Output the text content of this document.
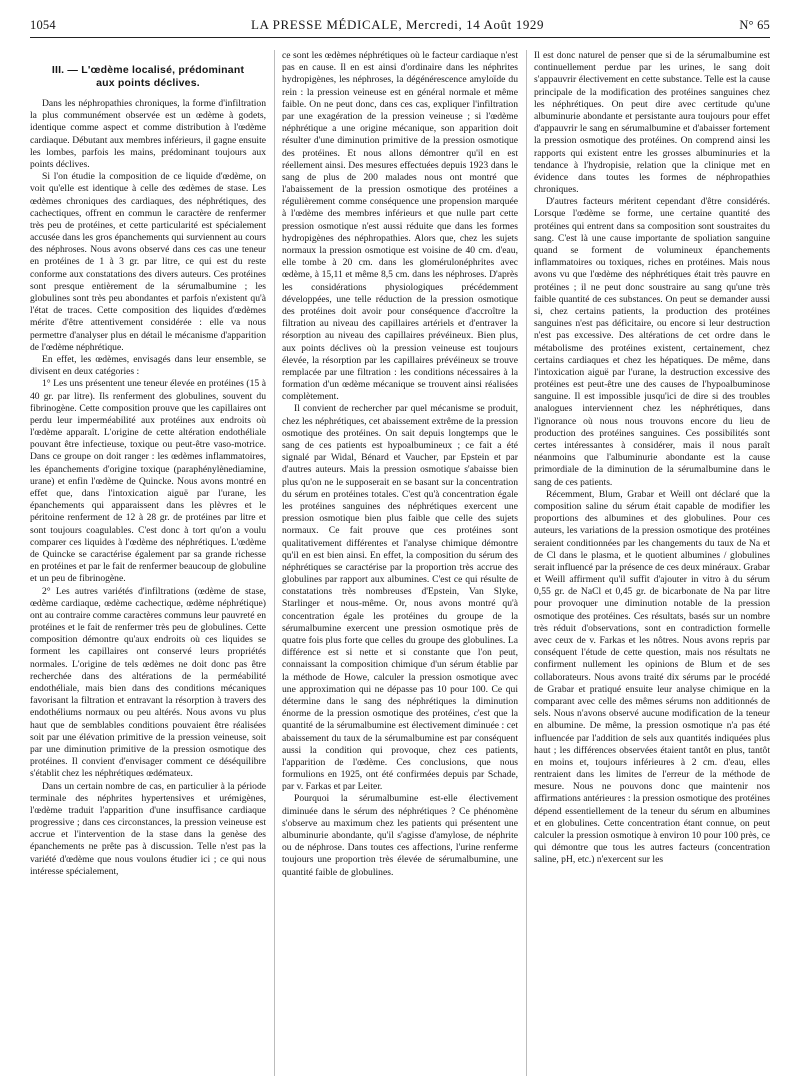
1054	LA PRESSE MÉDICALE, Mercredi, 14 Août 1929	N° 65
III. — L'œdème localisé, prédominant
aux points déclives.

Dans les néphropathies chroniques, la forme d'infiltration la plus communément observée est un œdème à godets, identique comme aspect et comme distribution à l'œdème cardiaque. Débutant aux membres inférieurs, il gagne ensuite les lombes, parfois les mains, prédominant toujours aux points déclives.

Si l'on étudie la composition de ce liquide d'œdème, on voit qu'elle est identique à celle des œdèmes de stase. Les œdèmes chroniques des cardiaques, des néphrétiques, des cachectiques, offrent en commun le caractère de renfermer très peu de protéines, et cette particularité est spécialement accusée dans les gros épanchements qui surviennent au cours des néphroses. Nous avons observé dans ces cas une teneur en protéines de 1 à 3 gr. par litre, ce qui est du reste conforme aux constatations des divers auteurs. Ces protéines sont presque entièrement de la sérumalbumine ; les globulines sont très peu abondantes et parfois n'existent qu'à l'état de traces. Cette composition des liquides d'œdèmes mérite d'être attentivement considérée : elle va nous permettre d'analyser plus en détail le mécanisme d'apparition de l'œdème néphrétique.

En effet, les œdèmes, envisagés dans leur ensemble, se divisent en deux catégories :

1° Les uns présentent une teneur élevée en protéines (15 à 40 gr. par litre). Ils renferment des globulines, souvent du fibrinogène. Cette composition prouve que les capillaires ont perdu leur imperméabilité aux protéines aux endroits où l'œdème apparaît. L'origine de cette altération endothéliale pouvant être infectieuse, toxique ou peut-être vaso-motrice. Dans ce groupe on doit ranger : les œdèmes inflammatoires, les épanchements d'origine toxique (paraphénylènediamine, urane) et enfin l'œdème de Quincke. Nous avons montré en effet que, dans l'intoxication aiguë par l'urane, les épanchements qui apparaissent dans les plèvres et le péritoine renferment de 12 à 28 gr. de protéines par litre et sont toujours coagulables. C'est donc à tort qu'on a voulu comparer ces liquides à l'œdème des néphrétiques. L'œdème de Quincke se caractérise également par sa grande richesse en protéines et par le fait de renfermer beaucoup de globuline et un peu de fibrinogène.

2° Les autres variétés d'infiltrations (œdème de stase, œdème cardiaque, œdème cachectique, œdème néphrétique) ont au contraire comme caractères communs leur pauvreté en protéines et le fait de renfermer très peu de globulines. Cette composition démontre qu'aux endroits où ces liquides se forment les capillaires ont conservé leurs propriétés normales. L'origine de tels œdèmes ne doit donc pas être recherchée dans des altérations de la perméabilité endothéliale, mais bien dans des conditions mécaniques favorisant la filtration et entravant la résorption à travers des endothéliums normaux ou peu altérés. Nous avons vu plus haut que de semblables conditions pouvaient être réalisées soit par une élévation primitive de la pression veineuse, soit par une diminution primitive de la pression osmotique des protéines. Il convient d'envisager comment ce déséquilibre s'établit chez les néphrétiques œdémateux.

Dans un certain nombre de cas, en particulier à la période terminale des néphrites hypertensives et urémigènes, l'œdème traduit l'apparition d'une insuffisance cardiaque progressive ; dans ces circonstances, la pression veineuse est accrue et l'intervention de la stase dans la genèse des épanchements ne prête pas à discussion. Telle n'est pas la variété d'œdème que nous voulons étudier ici ; ce qui nous intéresse spécialement,

ce sont les œdèmes néphrétiques où le facteur cardiaque n'est pas en cause. Il en est ainsi d'ordinaire dans les néphrites hydropigènes, les néphroses, la dégénérescence amyloïde du rein : la pression veineuse est en général normale et même faible. On ne peut donc, dans ces cas, expliquer l'infiltration par une exagération de la pression veineuse ; si l'œdème néphrétique a une origine mécanique, son apparition doit résulter d'une diminution primitive de la pression osmotique des protéines. Et nous allons démontrer qu'il en est réellement ainsi. Des mesures effectuées depuis 1923 dans le sang de plus de 200 malades nous ont montré que l'abaissement de la pression osmotique des protéines a régulièrement comme conséquence une propension marquée à l'œdème des membres inférieurs et que nulle part cette pression osmotique n'est aussi réduite que dans les formes hydropigènes des néphropathies. Alors que, chez les sujets normaux la pression osmotique est voisine de 40 cm. d'eau, elle tombe à 20 cm. dans les glomérulonéphrites avec œdème, à 15,11 et même 8,5 cm. dans les néphroses. D'après les considérations physiologiques précédemment développées, une telle réduction de la pression osmotique des protéines doit avoir pour conséquence d'accroître la filtration au niveau des capillaires artériels et d'entraver la résorption au niveau des capillaires prévéineux. Bien plus, aux points déclives où la pression veineuse est toujours élevée, la résorption par les capillaires prévéineux se trouve remplacée par une filtration : les conditions nécessaires à la formation d'un œdème mécanique se trouvent ainsi réalisées complètement.

Il convient de rechercher par quel mécanisme se produit, chez les néphrétiques, cet abaissement extrême de la pression osmotique des protéines. On sait depuis longtemps que le sang de ces patients est hypoalbumineux ; ce fait a été signalé par Widal, Bénard et Vaucher, par Epstein et par d'autres auteurs. Mais la pression osmotique s'abaisse bien plus qu'on ne le supposerait en se basant sur la concentration du sérum en protéines totales. C'est qu'à concentration égale les protéines sanguines des néphrétiques exercent une pression osmotique bien plus faible que celle des sujets normaux. Ce fait prouve que ces protéines sont qualitativement différentes et l'analyse chimique démontre qu'il en est bien ainsi. En effet, la composition du sérum des néphrétiques se caractérise par la proportion très accrue des globulines par rapport aux albumines. C'est ce qui résulte de constatations très nombreuses d'Epstein, Van Slyke, Starlinger et nous-même. Or, nous avons montré qu'à concentration égale les protéines du groupe de la sérumalbumine exercent une pression osmotique près de quatre fois plus forte que celles du groupe des globulines. La différence est si nette et si constante que l'on peut, connaissant la composition chimique d'un sérum établie par la méthode de Howe, calculer la pression osmotique avec une approximation qui ne dépasse pas 10 pour 100. Ce qui détermine dans le sang des néphrétiques la diminution énorme de la pression osmotique des protéines, c'est que la quantité de la sérumalbumine est électivement diminuée : cet abaissement du taux de la sérumalbumine est par conséquent aussi la condition qui provoque, chez ces patients, l'apparition de l'œdème. Ces conclusions, que nous formulions en 1925, ont été confirmées depuis par Schade, par v. Farkas et par Leiter.

Pourquoi la sérumalbumine est-elle électivement diminuée dans le sérum des néphrétiques ? Ce phénomène s'observe au maximum chez les patients qui présentent une albuminurie abondante, qu'il s'agisse d'amylose, de néphrite ou de néphrose. Dans toutes ces affections, l'urine renferme toujours une proportion très élevée de sérumalbumine, une quantité faible de globulines.

Il est donc naturel de penser que si de la sérumalbumine est continuellement perdue par les urines, le sang doit s'appauvrir électivement en cette substance. Telle est la cause principale de la modification des protéines sanguines chez les néphrétiques. On peut dire avec certitude qu'une albuminurie abondante et persistante aura toujours pour effet d'appauvrir le sang en sérumalbumine et d'abaisser fortement la pression osmotique des protéines. On comprend ainsi les rapports qui existent entre les grosses albuminuries et la tendance à l'hydropisie, relation que la clinique met en évidence dans toutes les formes de néphropathies chroniques.

D'autres facteurs méritent cependant d'être considérés. Lorsque l'œdème se forme, une certaine quantité des protéines qui entrent dans sa composition sont soustraites du sang. C'est là une cause importante de spoliation sanguine quand se forment de volumineux épanchements inflammatoires ou toxiques, riches en protéines. Mais nous avons vu que l'œdème des néphrétiques était très pauvre en protéines ; il ne peut donc soustraire au sang qu'une très faible quantité de ces substances. On peut se demander aussi si, chez certains patients, la production des protéines sanguines n'est pas déficitaire, ou encore si leur destruction n'est pas excessive. Des altérations de cet ordre dans le métabolisme des protéines existent, certainement, chez certains cardiaques et chez les hépatiques. De même, dans l'intoxication aiguë par l'urane, la destruction excessive des protéines est peut-être une des causes de l'hypoalbuminose sanguine. Il est impossible jusqu'ici de dire si des troubles analogues interviennent chez les néphrétiques, dans l'ignorance où nous nous trouvons encore du lieu de production des protéines sanguines. Ces possibilités sont certes intéressantes à considérer, mais il nous paraît néanmoins que l'albuminurie abondante est la cause primordiale de la diminution de la sérumalbumine dans le sang de ces patients.

Récemment, Blum, Grabar et Weill ont déclaré que la composition saline du sérum était capable de modifier les proportions des albumines et des globulines. Pour ces auteurs, les variations de la pression osmotique des protéines seraient conditionnées par les changements du taux de Na et de Cl dans le plasma, et le quotient albumines / globulines serait influencé par la présence de ces deux minéraux. Grabar et Weill affirment qu'il suffit d'ajouter in vitro à du sérum 0,55 gr. de NaCl et 0,45 gr. de bicarbonate de Na par litre pour provoquer une diminution notable de la pression osmotique des protéines. Ces résultats, basés sur un nombre très réduit d'observations, sont en contradiction formelle avec ceux de v. Farkas et les nôtres. Nous avons repris par conséquent l'étude de cette question, mais nos résultats ne confirment nullement les opinions de Blum et de ses collaborateurs. Nous avons traité dix sérums par le procédé de Grabar et pratiqué ensuite leur analyse chimique en la comparant avec celle des mêmes sérums non additionnés de sels. Nous n'avons observé aucune modification de la teneur en albumine. De même, la pression osmotique n'a pas été influencée par l'addition de sels aux quantités indiquées plus haut ; les différences observées étaient tantôt en plus, tantôt en moins et, toujours inférieures à 2 cm. d'eau, elles rentraient dans les limites de l'erreur de la méthode de mesure. Nous ne pouvons donc que maintenir nos affirmations antérieures : la pression osmotique des protéines dépend essentiellement de la teneur du sérum en albumines et en globulines. Cette concentration étant connue, on peut calculer la pression osmotique à environ 10 pour 100 près, ce qui démontre que tous les autres facteurs (concentration saline, pH, etc.) n'exercent sur les
